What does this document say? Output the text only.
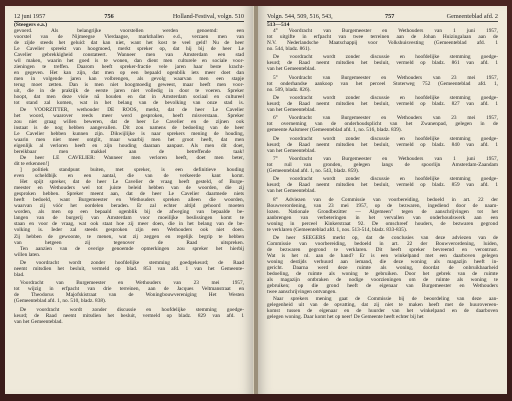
12 juni 1957	756	Holland-Festival, volgn. 510
(Steegers e.a.)
gevoerd. Als belangrijke voorstellen werden genoemd: een
voorstel van de Nijmeegse Vierdaagse, markthallen e.d., verzaen men van
de zijde steeds het geluid: dat kan niet, want het kost te veel geld! Nu de heer
Le Cavelier spreekt van hoogmoed, merkt spreker op, dat hij bij de heer Le
Cavelier gebrekkigheid constateert. Wanneer men van Amsterdam een stad
wil maken, waarin het goed is te wonen, dan dient men culturele en sociale voor-
zieningen te treffen. Daarom heeft spreker-fractie vele jaren haar beste kracht-
en gegeven. Het kan zijn, dat men op een bepaald ogenblik iets meer doet dan
men in volgende jaren kan volbrengen, als gevolg waarvan men een stapje
terug moet zetten. Dan is men niet hoogmoedig geweest, maar heeft men voor-
uit, die in de praktijk de eerste jaren niet volledig in door te voeren. Spreker
hoopt, dat men deze visie nã houden en dat in Amsterdam sociaal en cultureel
tot stand zal komen, wat in het belang van de bevolking van onze stad is.
De VOORZITTER, wethouder DE ROOS, merkt, dat de heer Le Cavelier
het woord, waarover reeds meer werd gesproken, heeft misverstaan. Spreker
zou niet graag willen beweren, dat de heer Le Cavelier en de zijnen ook
instaat is de nog hebben aangevallen. Dit zou namens de bedoeling van de heer
Le Cavelier hebben kunnen zijn. Dikwijlijke is naar sprekers mening de houding,
waarin men niet meer ontglit, maar waarbij men het groot heeft, dat men
eigenlijk al verloren heeft en zijn houding daaraan aanpast. Als men dit doet,
bereikbaar men makkel aan de betreffende taak!
De heer LE CAVELIER: Wanneer men verloren heeft, doet men beter,
dit te erkennen!]
] politiek standpunt buiten, met spreker, is een definitieve houding
even scheldbijk en een aantal, die van de verkeerde kant komt.
Het spijt spreker, dat de heer Le Cavelier de vraag heeft gesteld, of Burge-
meester en Wethouders wel tot juiste beleid hebben van de woorden, die zij
gesproken hebben. Spreker meent aan, dat de heer Le Cavelier daarmede niets
heeft bedoeld, want Burgemeester en Wethouders spreken alleen die woorden,
waarvan zij vóór het oordelen beraden. Er zal echter altijd gehoord moeten
worden, als men op een bepaald ogenblik bij de afweging van bepaalde be-
langen van de burgerij van Amsterdam voor moeilijke beslissingen komt te
staan en voor de vraag, wat ook staat hoe zij meer doen, die in het belang van de be-
volking is. Ieder zal steeds gesproken zijn een Wethouders ook niet doen.
Zij hebben de gewoonte, te menen, wat zij zeggen en regelijk begrip te hebben
van hetgeen zij tegenover de Raad uitspreken.
Ten aanzien van de overige genoemde opmerkingen zou spreker het hierbij
willen laten.
De voordracht wordt zonder hoofdelijke stemming goedgekeurd; de Raad
neemt mitsdien het besluit, vermeld op blad. 853 van afd. 1 van het Gemeente-
blad.
Voordracht van Burgemeester en Wethouders van 23 mei 1957,
tot wijzig in erfpacht van drie terreinen, aan de Jacques Veltmanstraat en
de Theodorus Majofskistraat van de Woningbouwvereniging Het Westen
(Gemeenteblad afd. 1, no. 510, bladz. 838).
De voordracht wordt zonder discussie en hoofdelijke stemming goedge-
keurd; de Raad neemt mitsdien het besluit, vermeld op bladz. 829 van afd. 1
van het Gemeenteblad.
Volgn. 544, 509, 516, 543,	757	Gemeenteblad afd. 2
513—514
4° Voordracht van Burgemeester en Wethouders van 1 juni 1957,
tot uitgifte in erfpacht van twee terreinen aan de Johan Huizingalaan aan de
N.V. Nederlandsche Maatschappij voor Volkshuisvesting (Gemeenteblad afd. 1
no. 544, bladz. 861).
De voordracht wordt zonder discussie en hoofdelijke stemming goedge-
keurd; de Raad neemt mitsdien het besluit, vermeld op bladz. 861 van afd. 1
van het Gemeenteblad.
5° Voordracht van Burgemeester en Wethouders van 23 mei 1957,
tot onderhandse aankoop van het perceel Stoterweg 752 (Gemeenteblad afd. 1,
no. 509, bladz. 826).
De voordracht wordt zonder discussie en hoofdelijke stemming goedge-
keurd; de Raad neemt mitsdien het besluit, vermeld op bladz. 827 van afd. 1
van het Gemeenteblad.
6° Voordracht van Burgemeester en Wethouders van 23 mei 1957,
tot overneming van de onderhoudsplicht van het Zwanenpad, gelegen in de
gemeente Aalsmeer (Gemeenteblad afd. 1, no. 516, bladz. 839).
De voordracht wordt zonder discussie en hoofdelijke stemming goedge-
keurd; de Raad neemt mitsdien het besluit, vermeld op bladz. 840 van afd. 1
van het Gemeenteblad.
7° Voordracht van Burgemeester en Wethouders van 1 juni 1957,
tot ruil van gronden, gelegen langs de spoorlijn Amsterdam-Zaandam
(Gemeenteblad afd. 1, no. 543, bladz. 859).
De voordracht wordt zonder discussie en hoofdelijke stemming goedge-
keurd; de Raad neemt mitsdien het besluit, vermeld op bladz. 859 van afd. 1
van het Gemeenteblad.
8° Adviezen van de Commissie van voorbereiding, bedoeld in art. 22 der
Bouwverordening, van 23 mei 1957, op de bezwaren, ingediend door de naam-
lozen. Nationale Grondbezitter — Algemeen" tegen de aanschrijvingen tot het
aanbrengen van verbeteringen in het vervallen van onderhoudswerk aan een
woning in perceel Kinkerstraat 92. De omschreef houders, de bezwaren gegrond
te verklaren (Gemeenteblad afd. 1, nos. 513-514, bladz. 833-835).
De heer SEEGERS merkt op, dat de conclusies van deze adviezen van de
Commissie van voorbereiding, bedoeld in art. 22 der Bouwverordening, luiden,
de bezwaren gegrond te verklaren. Dit heeft spreker bevreemd en verontrust.
Wat is het nl. aan de hand? Er is een winkelpand met een daarboven gelegen
woning destijds verhuurd aan iemand, die deze woning als magazijn heeft in-
gericht. Daarna werd deze ruimte als woning, doordat de onbruikbaarheid
bedoeling, de ruimte als woning te gebruiken. Door het gebrek van de ruimte
als magazijn ontbraken de nodige voorzieningen om de ruimte als woning te
gebruiken; op die grond heeft de eigenaar van Burgemeester en Wethouders
twee aanschrijvingen ontvangen.
Naar sprekers mening gaat de Commissie bij de beoordeling van deze aan-
gelegenheid uit van de opvatting, dat zij niet te maken heeft met de huurovereen-
komst tussen de eigenaar en de huurder van het winkelpand en de daarboven
gelegen woning. Daar komt het op neer! De Gemeente heeft echter bij het
